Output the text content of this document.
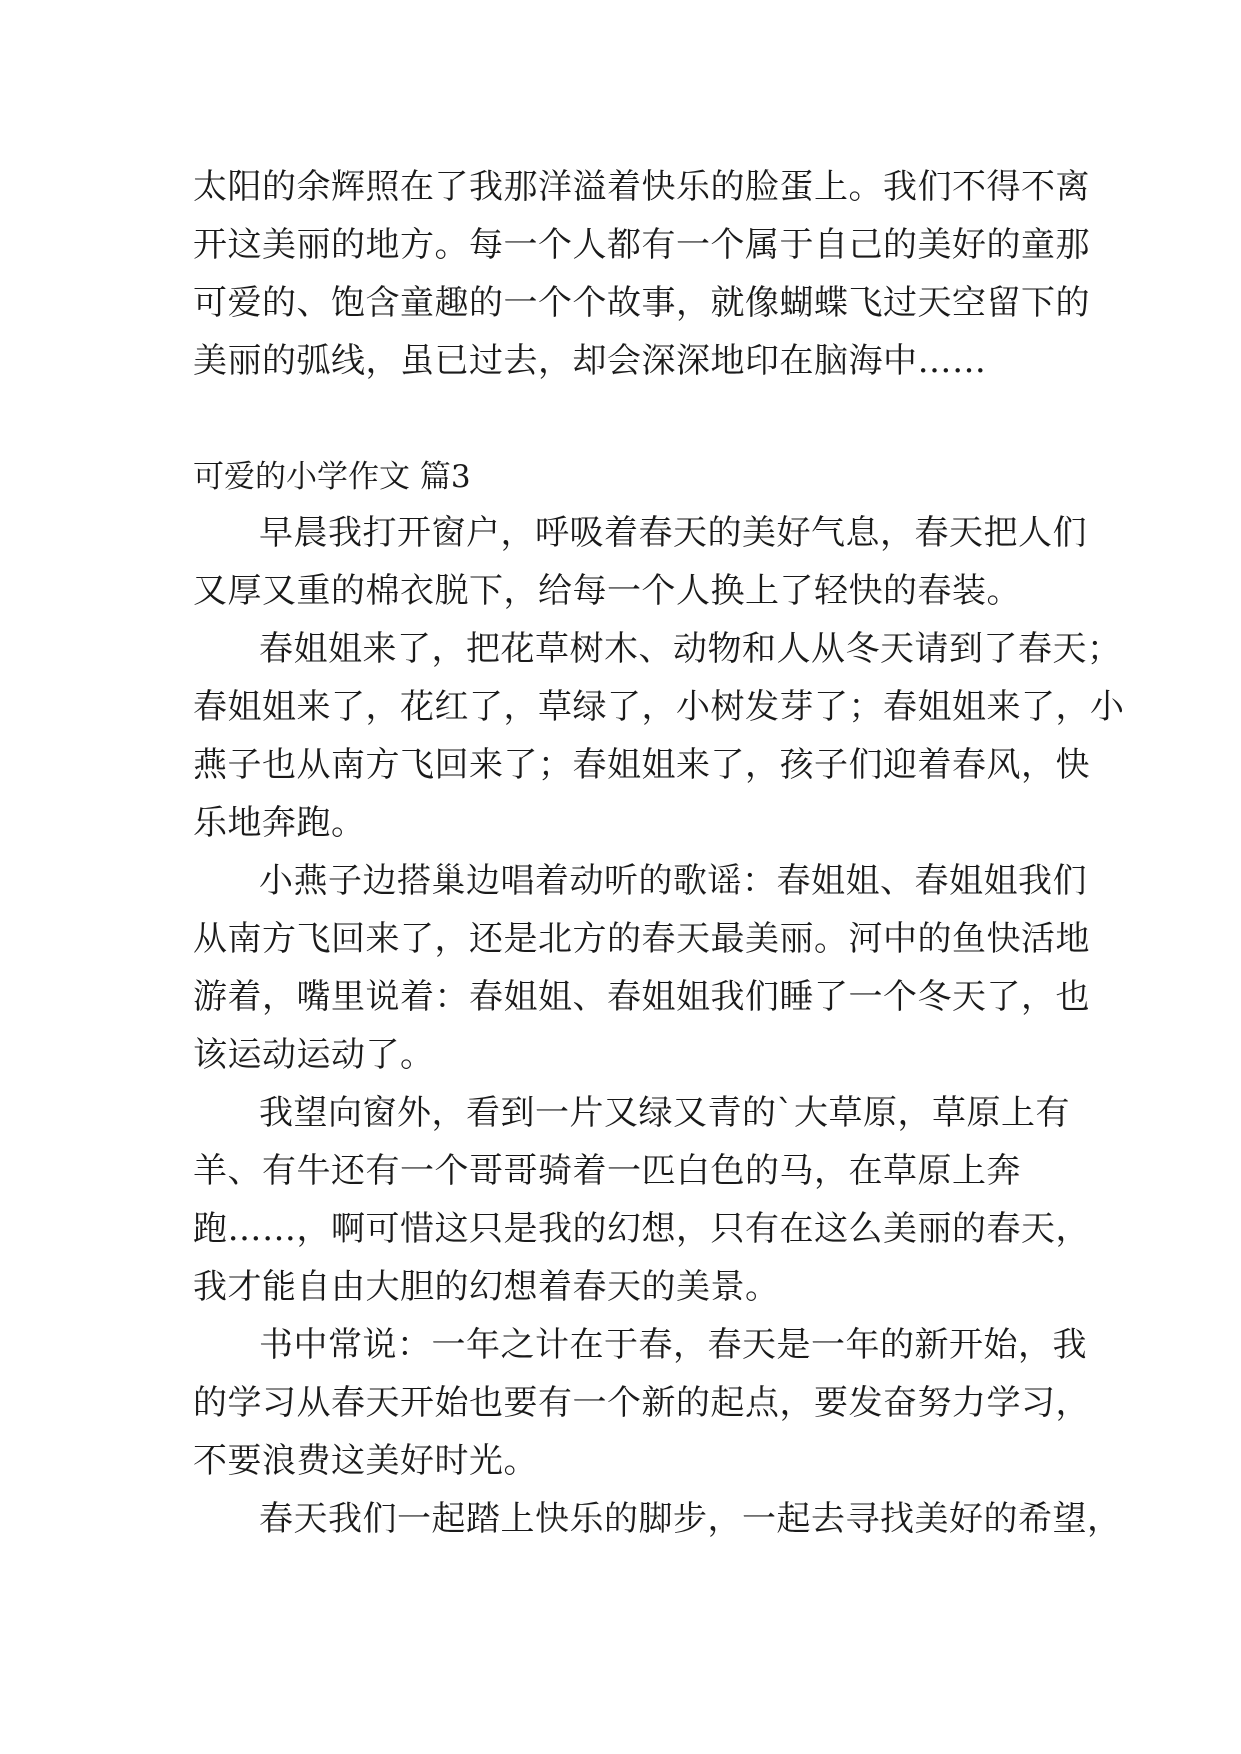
太阳的余辉照在了我那洋溢着快乐的脸蛋上。我们不得不离
开这美丽的地方。每一个人都有一个属于自己的美好的童那
可爱的、饱含童趣的一个个故事，就像蝴蝶飞过天空留下的
美丽的弧线，虽已过去，却会深深地印在脑海中……
可爱的小学作文 篇3
早晨我打开窗户，呼吸着春天的美好气息，春天把人们
又厚又重的棉衣脱下，给每一个人换上了轻快的春装。
春姐姐来了，把花草树木、动物和人从冬天请到了春天；
春姐姐来了，花红了，草绿了，小树发芽了；春姐姐来了，小
燕子也从南方飞回来了；春姐姐来了，孩子们迎着春风，快
乐地奔跑。
小燕子边搭巢边唱着动听的歌谣：春姐姐、春姐姐我们
从南方飞回来了，还是北方的春天最美丽。河中的鱼快活地
游着，嘴里说着：春姐姐、春姐姐我们睡了一个冬天了，也
该运动运动了。
我望向窗外，看到一片又绿又青的`大草原，草原上有
羊、有牛还有一个哥哥骑着一匹白色的马，在草原上奔
跑……，啊可惜这只是我的幻想，只有在这么美丽的春天，
我才能自由大胆的幻想着春天的美景。
书中常说：一年之计在于春，春天是一年的新开始，我
的学习从春天开始也要有一个新的起点，要发奋努力学习，
不要浪费这美好时光。
春天我们一起踏上快乐的脚步，一起去寻找美好的希望，
